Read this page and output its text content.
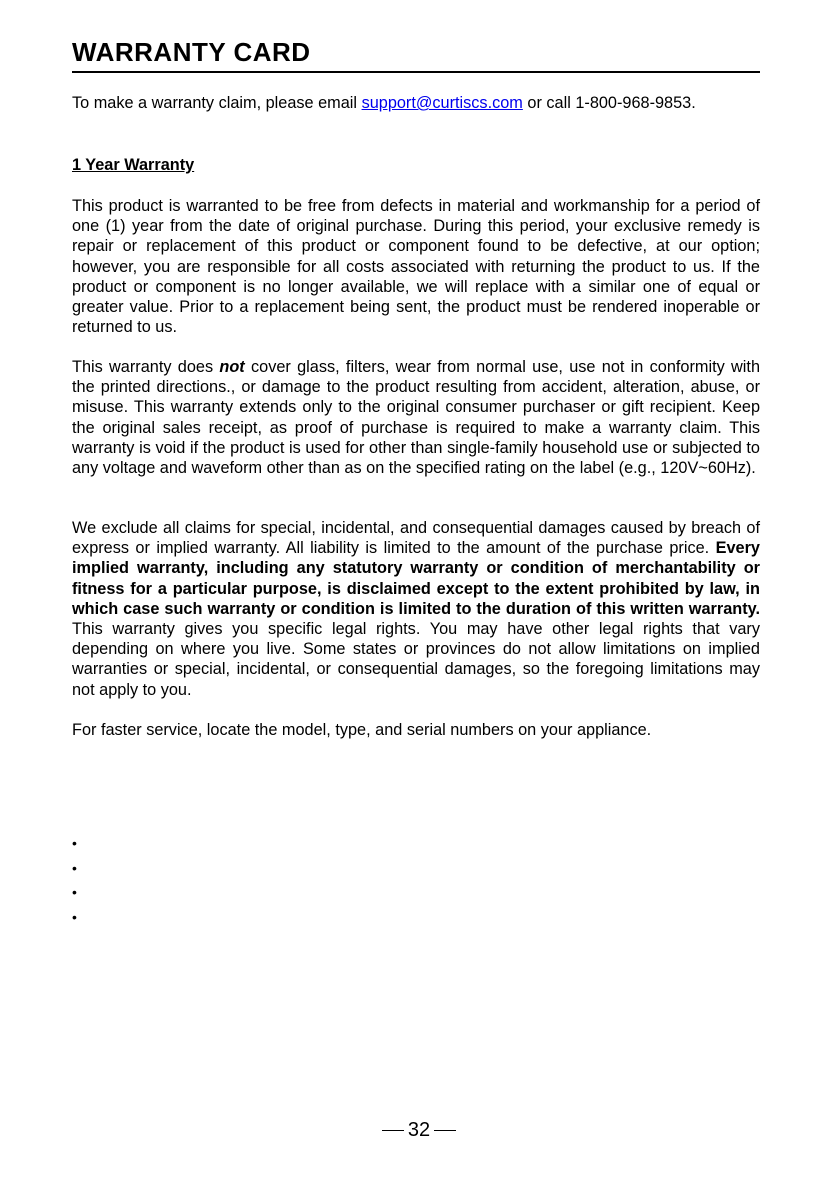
WARRANTY CARD
To make a warranty claim, please email support@curtiscs.com or call 1-800-968-9853.
1 Year Warranty

This product is warranted to be free from defects in material and workmanship for a period of one (1) year from the date of original purchase. During this period, your exclusive remedy is repair or replacement of this product or component found to be defective, at our option; however, you are responsible for all costs associated with returning the product to us. If the product or component is no longer available, we will replace with a similar one of equal or greater value. Prior to a replacement being sent, the product must be rendered inoperable or returned to us.

This warranty does not cover glass, filters, wear from normal use, use not in conformity with the printed directions., or damage to the product resulting from accident, alteration, abuse, or misuse. This warranty extends only to the original consumer purchaser or gift recipient. Keep the original sales receipt, as proof of purchase is required to make a warranty claim. This warranty is void if the product is used for other than single-family household use or subjected to any voltage and waveform other than as on the specified rating on the label (e.g., 120V~60Hz).

We exclude all claims for special, incidental, and consequential damages caused by breach of express or implied warranty. All liability is limited to the amount of the purchase price. Every implied warranty, including any statutory warranty or condition of merchantability or fitness for a particular purpose, is disclaimed except to the extent prohibited by law, in which case such warranty or condition is limited to the duration of this written warranty. This warranty gives you specific legal rights. You may have other legal rights that vary depending on where you live. Some states or provinces do not allow limitations on implied warranties or special, incidental, or consequential damages, so the foregoing limitations may not apply to you.

For faster service, locate the model, type, and serial numbers on your appliance.

•
•
•
•
32
